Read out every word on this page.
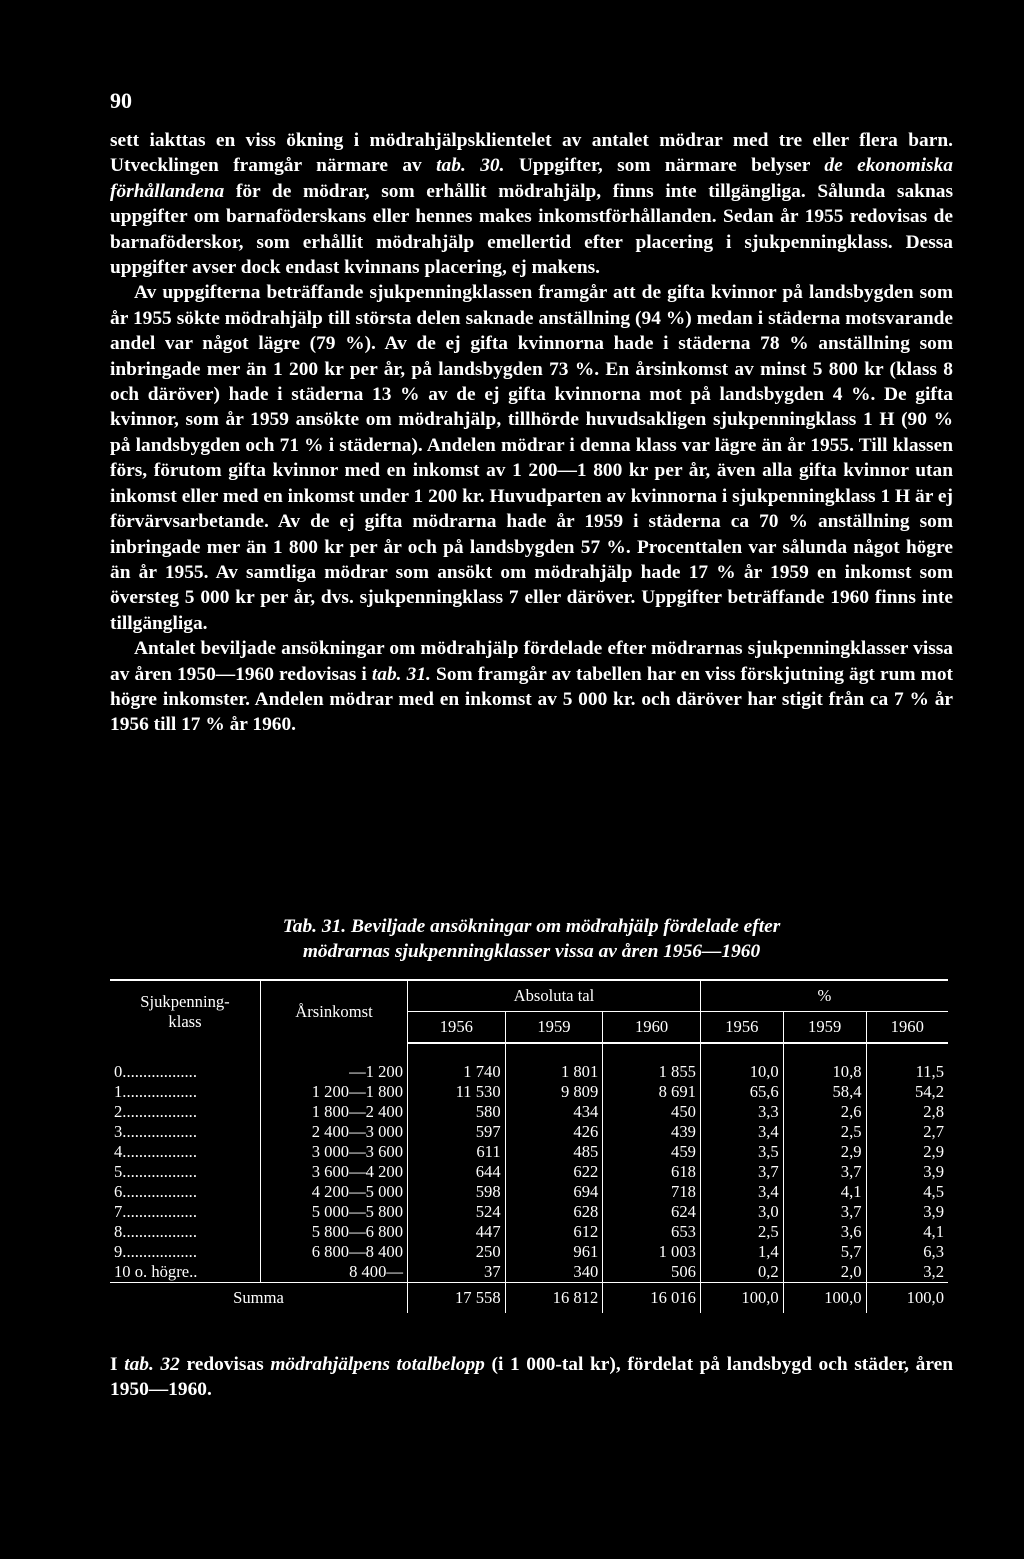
90

sett iakttas en viss ökning i mödrahjälpsklientelet av antalet mödrar med tre eller flera barn. Utvecklingen framgår närmare av tab. 30. Uppgifter, som närmare belyser de ekonomiska förhållandena för de mödrar, som erhållit mödrahjälp, finns inte tillgängliga. Sålunda saknas uppgifter om barnaföderskans eller hennes makes inkomstförhållanden. Sedan år 1955 redovisas de barnaföderskor, som erhållit mödrahjälp emellertid efter placering i sjukpenningklass. Dessa uppgifter avser dock endast kvinnans placering, ej makens.

Av uppgifterna beträffande sjukpenningklassen framgår att de gifta kvinnor på landsbygden som år 1955 sökte mödrahjälp till största delen saknade anställning (94 %) medan i städerna motsvarande andel var något lägre (79 %). Av de ej gifta kvinnorna hade i städerna 78 % anställning som inbringade mer än 1 200 kr per år, på landsbygden 73 %. En årsinkomst av minst 5 800 kr (klass 8 och däröver) hade i städerna 13 % av de ej gifta kvinnorna mot på landsbygden 4 %. De gifta kvinnor, som år 1959 ansökte om mödrahjälp, tillhörde huvudsakligen sjukpenningklass 1 H (90 % på landsbygden och 71 % i städerna). Andelen mödrar i denna klass var lägre än år 1955. Till klassen förs, förutom gifta kvinnor med en inkomst av 1 200—1 800 kr per år, även alla gifta kvinnor utan inkomst eller med en inkomst under 1 200 kr. Huvudparten av kvinnorna i sjukpenningklass 1 H är ej förvärvsarbetande. Av de ej gifta mödrarna hade år 1959 i städerna ca 70 % anställning som inbringade mer än 1 800 kr per år och på landsbygden 57 %. Procenttalen var sålunda något högre än år 1955. Av samtliga mödrar som ansökt om mödrahjälp hade 17 % år 1959 en inkomst som översteg 5 000 kr per år, dvs. sjukpenningklass 7 eller däröver. Uppgifter beträffande 1960 finns inte tillgängliga.

Antalet beviljade ansökningar om mödrahjälp fördelade efter mödrarnas sjukpenningklasser vissa av åren 1950—1960 redovisas i tab. 31. Som framgår av tabellen har en viss förskjutning ägt rum mot högre inkomster. Andelen mödrar med en inkomst av 5 000 kr. och däröver har stigit från ca 7 % år 1956 till 17 % år 1960.

Tab. 31. Beviljade ansökningar om mödrahjälp fördelade efter
mödrarnas sjukpenningklasser vissa av åren 1956—1960
Sjukpenning-
klass	Årsinkomst	Absoluta tal			%		
		1956	1959	1960	1956	1959	1960

0..................	—1 200	1 740	1 801	1 855	10,0	10,8	11,5
1..................	1 200—1 800	11 530	9 809	8 691	65,6	58,4	54,2
2..................	1 800—2 400	580	434	450	3,3	2,6	2,8
3..................	2 400—3 000	597	426	439	3,4	2,5	2,7
4..................	3 000—3 600	611	485	459	3,5	2,9	2,9
5..................	3 600—4 200	644	622	618	3,7	3,7	3,9
6..................	4 200—5 000	598	694	718	3,4	4,1	4,5
7..................	5 000—5 800	524	628	624	3,0	3,7	3,9
8..................	5 800—6 800	447	612	653	2,5	3,6	4,1
9..................	6 800—8 400	250	961	1 003	1,4	5,7	6,3
10 o. högre..	8 400—	37	340	506	0,2	2,0	3,2
Summa		17 558	16 812	16 016	100,0	100,0	100,0

I tab. 32 redovisas mödrahjälpens totalbelopp (i 1 000-tal kr), fördelat på landsbygd och städer, åren 1950—1960.
